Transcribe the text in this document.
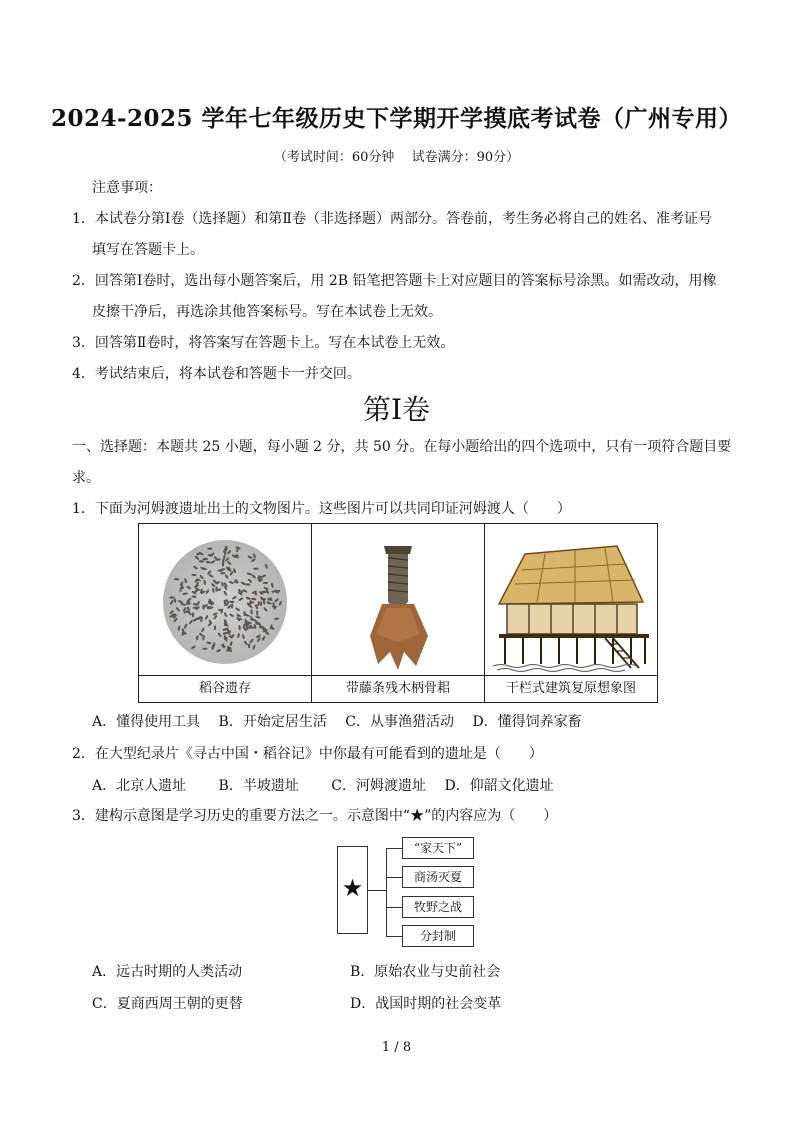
2024-2025 学年七年级历史下学期开学摸底考试卷（广州专用）
（考试时间：60分钟　 试卷满分：90分）
注意事项：
1．本试卷分第Ⅰ卷（选择题）和第Ⅱ卷（非选择题）两部分。答卷前，考生务必将自己的姓名、准考证号
填写在答题卡上。
2．回答第Ⅰ卷时，选出每小题答案后，用 2B 铅笔把答题卡上对应题目的答案标号涂黑。如需改动，用橡
皮擦干净后，再选涂其他答案标号。写在本试卷上无效。
3．回答第Ⅱ卷时，将答案写在答题卡上。写在本试卷上无效。
4．考试结束后，将本试卷和答题卡一并交回。
第Ⅰ卷
一、选择题：本题共 25 小题，每小题 2 分，共 50 分。在每小题给出的四个选项中，只有一项符合题目要
求。
1．下面为河姆渡遗址出土的文物图片。这些图片可以共同印证河姆渡人（　　）
稻谷遗存	带藤条残木柄骨耜	干栏式建筑复原想象图
A．懂得使用工具　 B．开始定居生活　 C．从事渔猎活动　 D．懂得饲养家畜
2．在大型纪录片《寻古中国・稻谷记》中你最有可能看到的遗址是（　　）
A．北京人遗址　　 B．半坡遗址　　 C．河姆渡遗址　 D．仰韶文化遗址
3．建构示意图是学习历史的重要方法之一。示意图中“★”的内容应为（　　）
★
“家天下”
商汤灭夏
牧野之战
分封制
A．远古时期的人类活动	B．原始农业与史前社会
C．夏商西周王朝的更替	D．战国时期的社会变革
1 / 8
